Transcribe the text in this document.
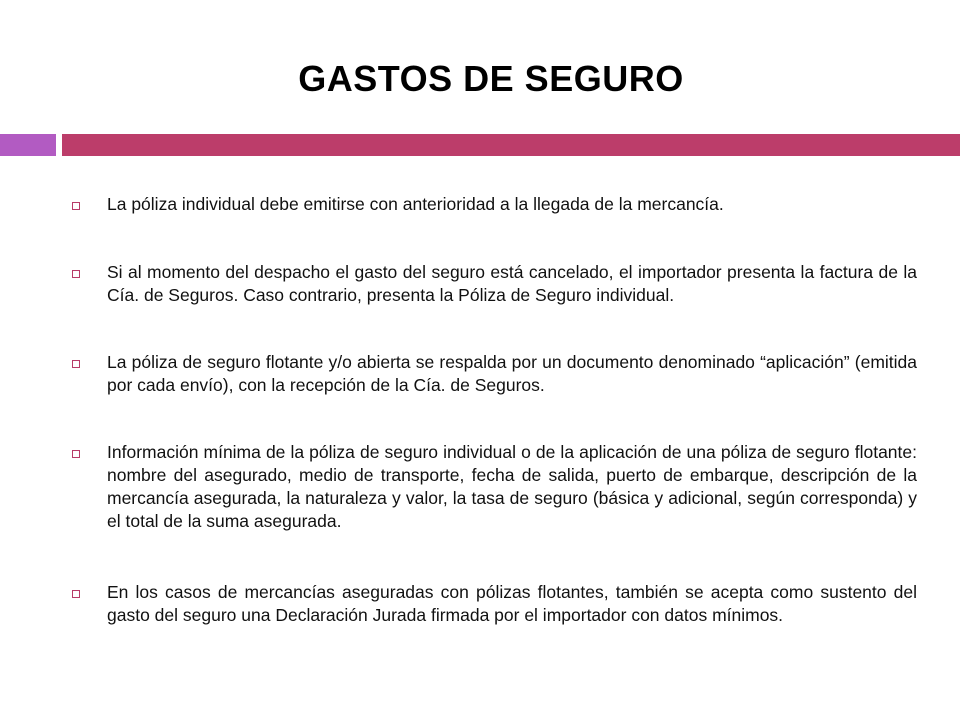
GASTOS DE SEGURO
La póliza individual debe emitirse con anterioridad a la llegada de la mercancía.
Si al momento del despacho el gasto del seguro está cancelado, el importador presenta la factura de la Cía. de Seguros. Caso contrario, presenta la Póliza de Seguro individual.
La póliza de seguro flotante y/o abierta se respalda por un documento denominado “aplicación” (emitida por cada envío), con la recepción de la Cía. de Seguros.
Información mínima de la póliza de seguro individual o de la aplicación de una póliza de seguro flotante: nombre del asegurado, medio de transporte, fecha de salida, puerto de embarque, descripción de la mercancía asegurada, la naturaleza y valor, la tasa de seguro (básica y adicional, según corresponda) y el total de la suma asegurada.
En los casos de mercancías aseguradas con pólizas flotantes, también se acepta como sustento del gasto del seguro una Declaración Jurada firmada por el importador con datos mínimos.
